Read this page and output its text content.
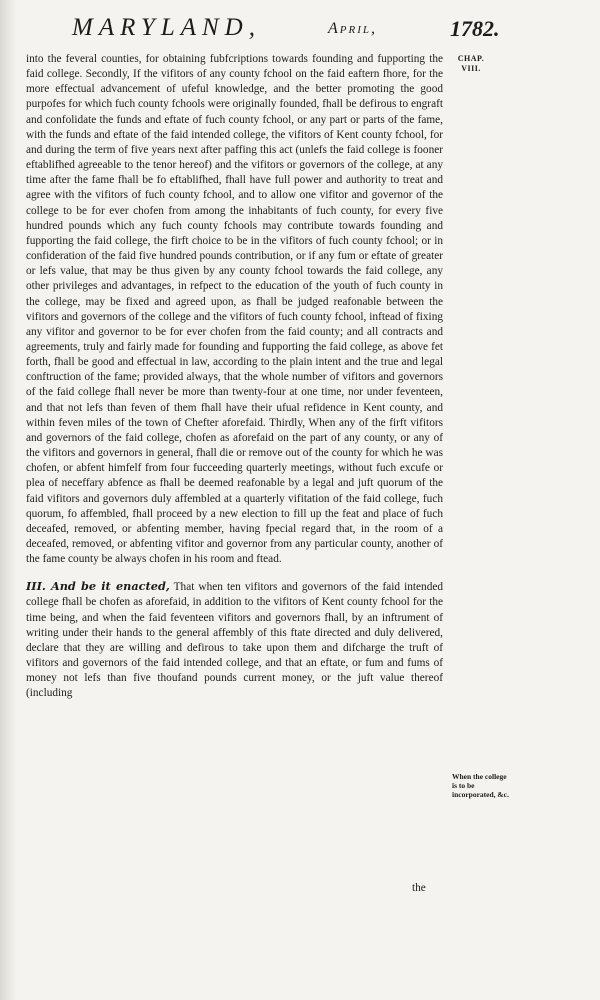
MARYLAND,	April,	1782.
CHAP.
VIII.

into the feveral counties, for obtaining fubfcriptions towards founding and fupporting the faid college. Secondly, If the vifitors of any county fchool on the faid eaftern fhore, for the more effectual advancement of ufeful knowledge, and the better promoting the good purpofes for which fuch county fchools were originally founded, fhall be defirous to engraft and confolidate the funds and eftate of fuch county fchool, or any part or parts of the fame, with the funds and eftate of the faid intended college, the vifitors of Kent county fchool, for and during the term of five years next after paffing this act (unlefs the faid college is fooner eftablifhed agreeable to the tenor hereof) and the vifitors or governors of the college, at any time after the fame fhall be fo eftablifhed, fhall have full power and authority to treat and agree with the vifitors of fuch county fchool, and to allow one vifitor and governor of the college to be for ever chofen from among the inhabitants of fuch county, for every five hundred pounds which any fuch county fchools may contribute towards founding and fupporting the faid college, the firft choice to be in the vifitors of fuch county fchool; or in confideration of the faid five hundred pounds contribution, or if any fum or eftate of greater or lefs value, that may be thus given by any county fchool towards the faid college, any other privileges and advantages, in refpect to the education of the youth of fuch county in the college, may be fixed and agreed upon, as fhall be judged reafonable between the vifitors and governors of the college and the vifitors of fuch county fchool, inftead of fixing any vifitor and governor to be for ever chofen from the faid county; and all contracts and agreements, truly and fairly made for founding and fupporting the faid college, as above fet forth, fhall be good and effectual in law, according to the plain intent and the true and legal conftruction of the fame; provided always, that the whole number of vifitors and governors of the faid college fhall never be more than twenty-four at one time, nor under feventeen, and that not lefs than feven of them fhall have their ufual refidence in Kent county, and within feven miles of the town of Chefter aforefaid. Thirdly, When any of the firft vifitors and governors of the faid college, chofen as aforefaid on the part of any county, or any of the vifitors and governors in general, fhall die or remove out of the county for which he was chofen, or abfent himfelf from four fucceeding quarterly meetings, without fuch excufe or plea of neceffary abfence as fhall be deemed reafonable by a legal and juft quorum of the faid vifitors and governors duly affembled at a quarterly vifitation of the faid college, fuch quorum, fo affembled, fhall proceed by a new election to fill up the feat and place of fuch deceafed, removed, or abfenting member, having fpecial regard that, in the room of a deceafed, removed, or abfenting vifitor and governor from any particular county, another of the fame county be always chofen in his room and ftead.

III. And be it enacted, That when ten vifitors and governors of the faid intended college fhall be chofen as aforefaid, in addition to the vifitors of Kent county fchool for the time being, and when the faid feventeen vifitors and governors fhall, by an inftrument of writing under their hands to the general affembly of this ftate directed and duly delivered, declare that they are willing and defirous to take upon them and difcharge the truft of vifitors and governors of the faid intended college, and that an eftate, or fum and fums of money not lefs than five thoufand pounds current money, or the juft value thereof (including

When the college is to be incorporated, &c.
the
